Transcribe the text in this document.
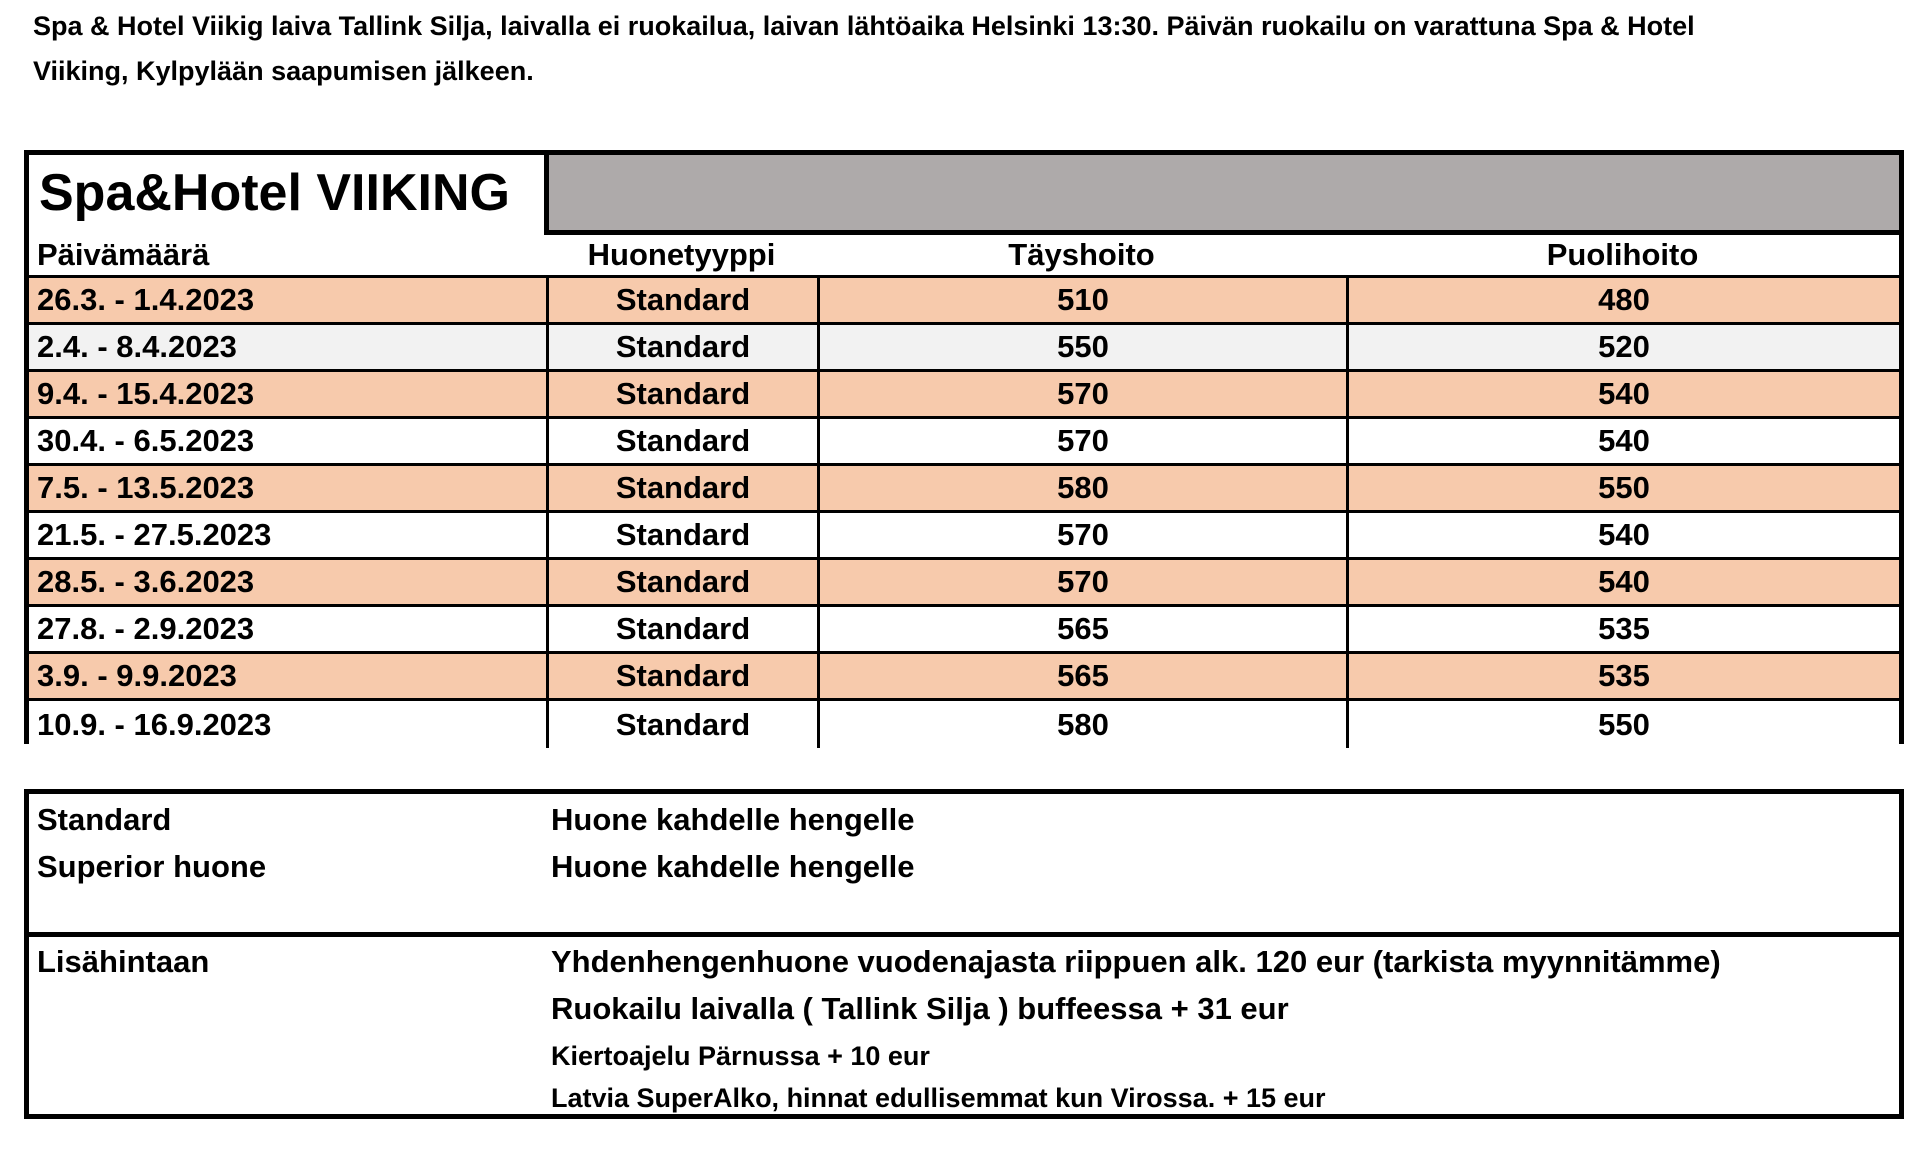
Spa & Hotel Viikig laiva Tallink Silja, laivalla ei ruokailua, laivan lähtöaika Helsinki 13:30. Päivän ruokailu on varattuna Spa & Hotel
Viiking, Kylpylään saapumisen jälkeen.
Spa&Hotel VIIKING
Päivämäärä	Huonetyyppi	Täyshoito	Puolihoito
26.3. - 1.4.2023	Standard	510	480
2.4. - 8.4.2023	Standard	550	520
9.4. - 15.4.2023	Standard	570	540
30.4. - 6.5.2023	Standard	570	540
7.5. - 13.5.2023	Standard	580	550
21.5. - 27.5.2023	Standard	570	540
28.5. - 3.6.2023	Standard	570	540
27.8. - 2.9.2023	Standard	565	535
3.9. - 9.9.2023	Standard	565	535
10.9. - 16.9.2023	Standard	580	550
Standard	Huone kahdelle hengelle
Superior huone	Huone kahdelle hengelle
Lisähintaan	Yhdenhengenhuone vuodenajasta riippuen alk. 120 eur (tarkista myynnitämme)
Ruokailu laivalla ( Tallink Silja ) buffeessa + 31 eur
Kiertoajelu Pärnussa + 10 eur
Latvia SuperAlko, hinnat edullisemmat kun Virossa. + 15 eur
